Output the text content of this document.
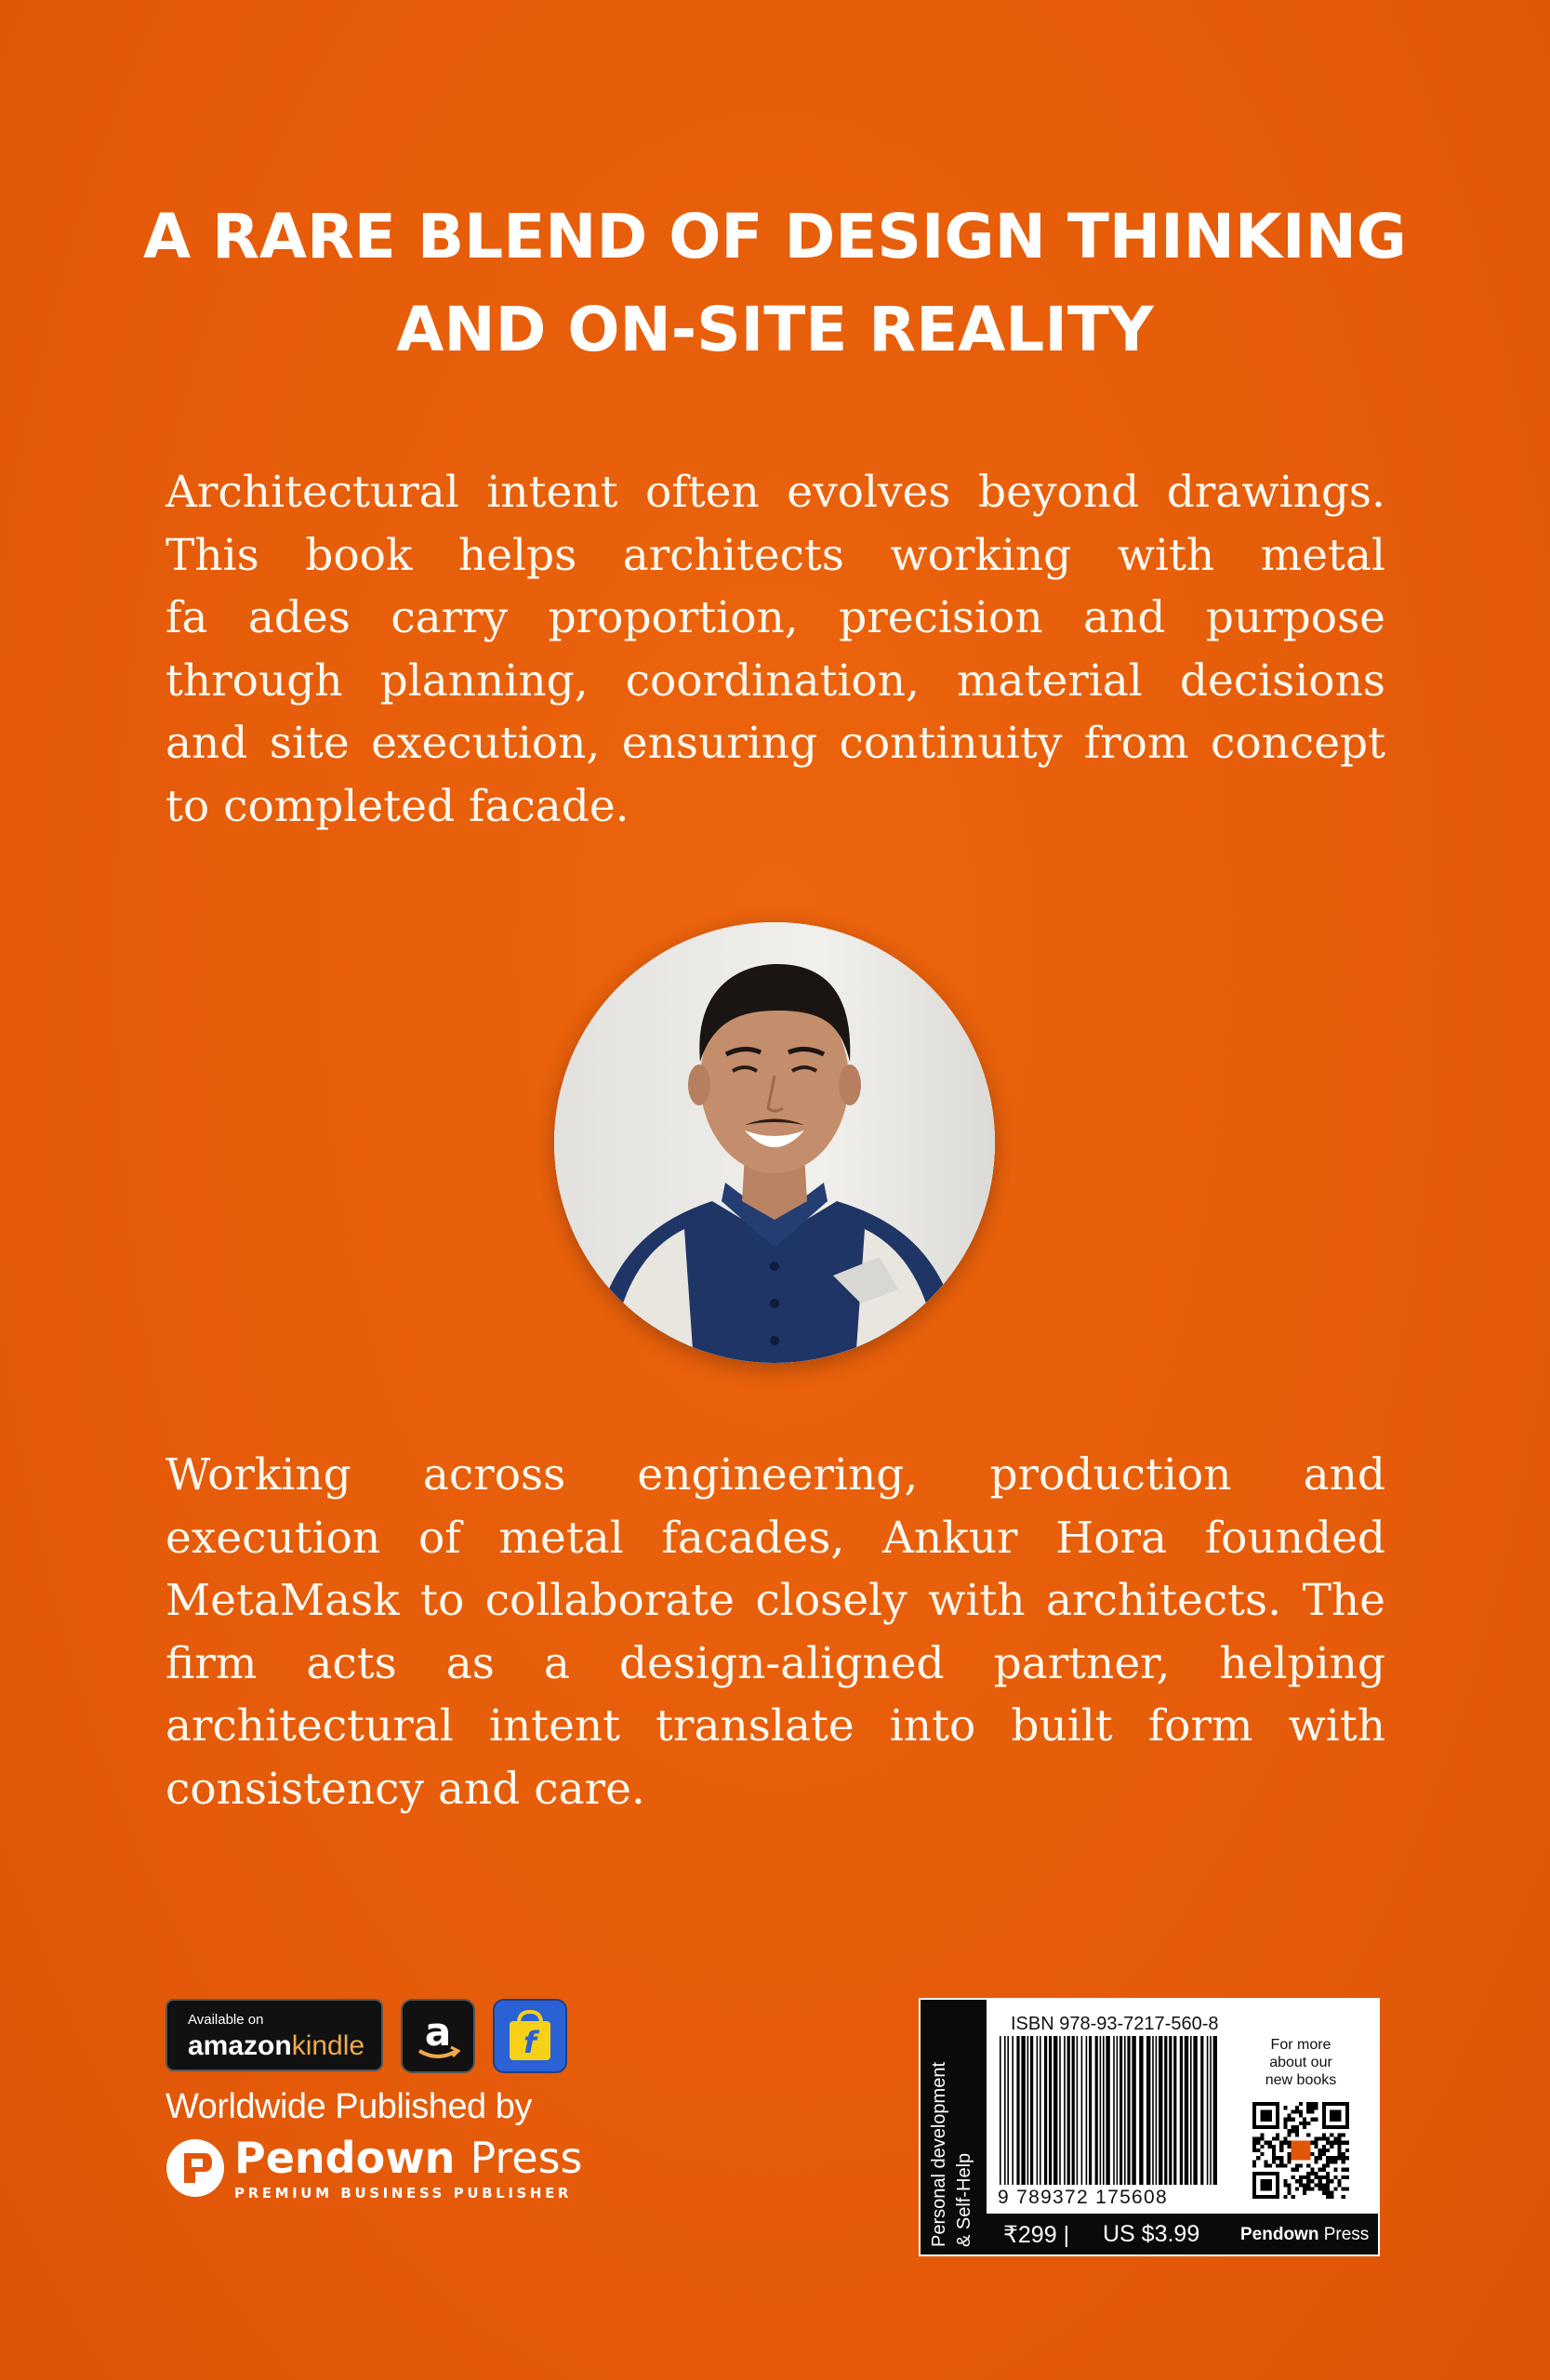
A RARE BLEND OF DESIGN THINKING
AND ON-SITE REALITY
Architectural intent often evolves beyond drawings.
This book helps architects working with metal
fa ades carry proportion, precision and purpose
through planning, coordination, material decisions
and site execution, ensuring continuity from concept
to completed facade.
Working across engineering, production and
execution of metal facades, Ankur Hora founded
MetaMask to collaborate closely with architects. The
firm acts as a design-aligned partner, helping
architectural intent translate into built form with
consistency and care.
Available on
amazonkindle a f
Worldwide Published by
Pendown Press
PREMIUM BUSINESS PUBLISHER	Personal development & Self-Help
ISBN 978-93-7217-560-8
9 789372 175608
For more
about our
new books
₹299 | US $3.99 Pendown Press
